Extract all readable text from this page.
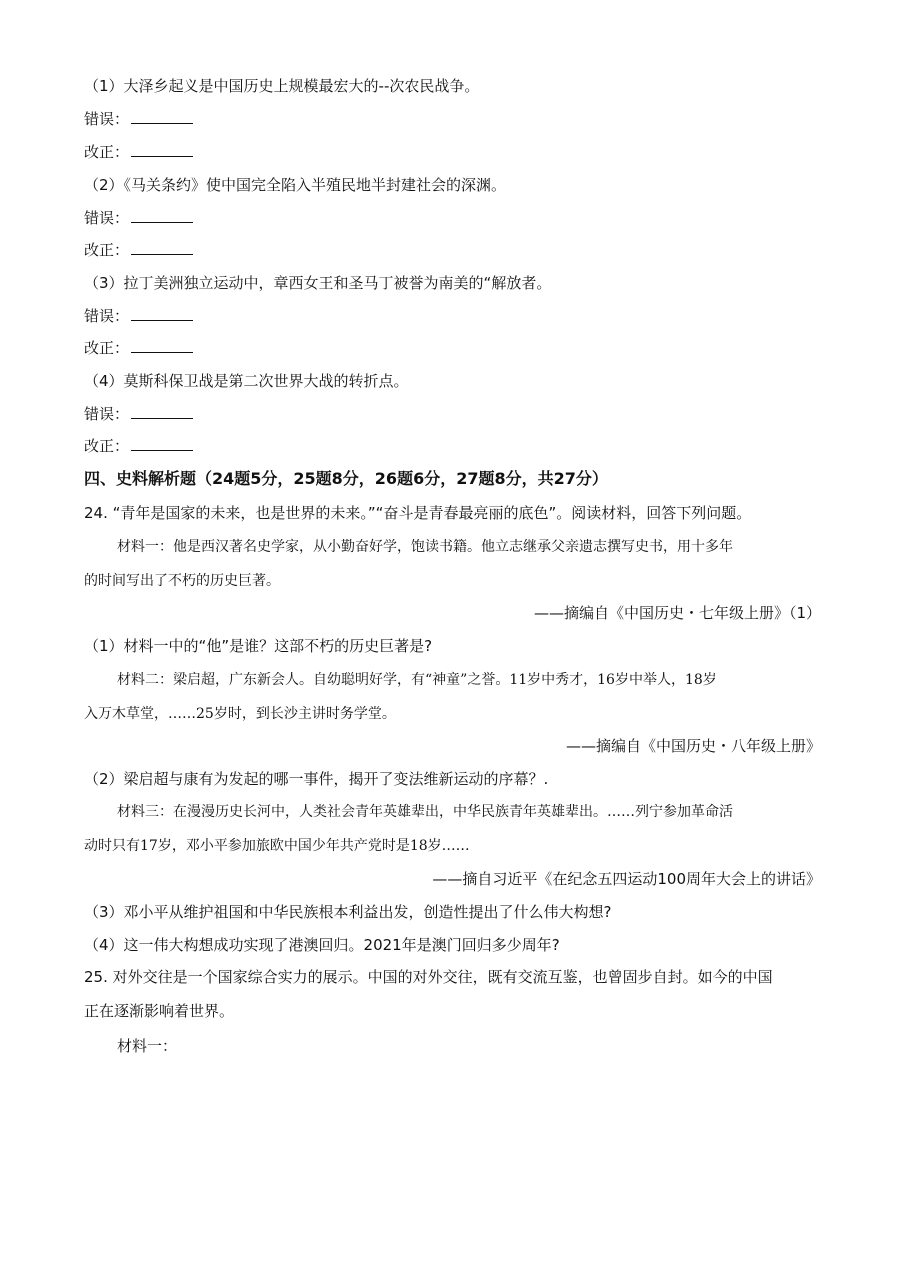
（1）大泽乡起义是中国历史上规模最宏大的--次农民战争。
错误：
改正：
（2）《马关条约》使中国完全陷入半殖民地半封建社会的深渊。
错误：
改正：
（3）拉丁美洲独立运动中，章西女王和圣马丁被誉为南美的“解放者。
错误：
改正：
（4）莫斯科保卫战是第二次世界大战的转折点。
错误：
改正：
四、史料解析题（24题5分，25题8分，26题6分，27题8分，共27分）
24. “青年是国家的未来，也是世界的未来。”“奋斗是青春最亮丽的底色”。阅读材料，回答下列问题。
材料一：他是西汉著名史学家，从小勤奋好学，饱读书籍。他立志继承父亲遗志撰写史书，用十多年
的时间写出了不朽的历史巨著。
——摘编自《中国历史・七年级上册》（1）
（1）材料一中的“他”是谁？这部不朽的历史巨著是?
材料二：梁启超，广东新会人。自幼聪明好学，有“神童”之誉。11岁中秀才，16岁中举人，18岁
入万木草堂，……25岁时，到长沙主讲时务学堂。
——摘编自《中国历史・八年级上册》
（2）梁启超与康有为发起的哪一事件，揭开了变法维新运动的序幕？.
材料三：在漫漫历史长河中，人类社会青年英雄辈出，中华民族青年英雄辈出。……列宁参加革命活
动时只有17岁，邓小平参加旅欧中国少年共产党时是18岁……
——摘自习近平《在纪念五四运动100周年大会上的讲话》
（3）邓小平从维护祖国和中华民族根本利益出发，创造性提出了什么伟大构想?
（4）这一伟大构想成功实现了港澳回归。2021年是澳门回归多少周年?
25. 对外交往是一个国家综合实力的展示。中国的对外交往，既有交流互鉴，也曾固步自封。如今的中国
正在逐渐影响着世界。
材料一：
